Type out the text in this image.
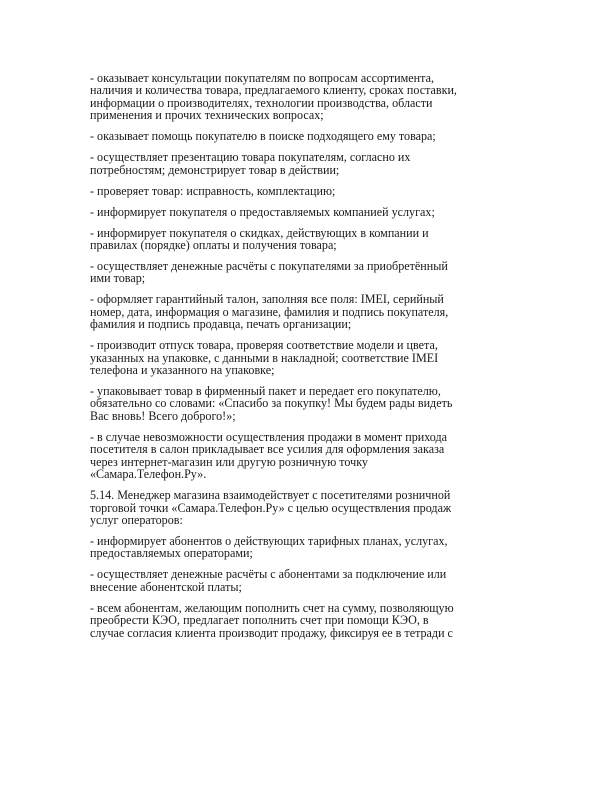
- оказывает консультации покупателям по вопросам ассортимента,
наличия и количества товара, предлагаемого клиенту, сроках поставки,
информации о производителях, технологии производства, области
применения и прочих технических вопросах;

- оказывает помощь покупателю в поиске подходящего ему товара;

- осуществляет презентацию товара покупателям, согласно их
потребностям; демонстрирует товар в действии;

- проверяет товар: исправность, комплектацию;

- информирует покупателя о предоставляемых компанией услугах;

- информирует покупателя о скидках, действующих в компании и
правилах (порядке) оплаты и получения товара;

- осуществляет денежные расчёты с покупателями за приобретённый
ими товар;

- оформляет гарантийный талон, заполняя все поля: IMEI, серийный
номер, дата, информация о магазине, фамилия и подпись покупателя,
фамилия и подпись продавца, печать организации;

- производит отпуск товара, проверяя соответствие модели и цвета,
указанных на упаковке, с данными в накладной; соответствие IMEI
телефона и указанного на упаковке;

- упаковывает товар в фирменный пакет и передает его покупателю,
обязательно со словами: «Спасибо за покупку! Мы будем рады видеть
Вас вновь! Всего доброго!»;

- в случае невозможности осуществления продажи в момент прихода
посетителя в салон прикладывает все усилия для оформления заказа
через интернет-магазин или другую розничную точку
«Самара.Телефон.Ру».

5.14. Менеджер магазина взаимодействует с посетителями розничной
торговой точки «Самара.Телефон.Ру» с целью осуществления продаж
услуг операторов:

- информирует абонентов о действующих тарифных планах, услугах,
предоставляемых операторами;

- осуществляет денежные расчёты с абонентами за подключение или
внесение абонентской платы;

- всем абонентам, желающим пополнить счет на сумму, позволяющую
преобрести КЭО, предлагает пополнить счет при помощи КЭО, в
случае согласия клиента производит продажу, фиксируя ее в тетради с
